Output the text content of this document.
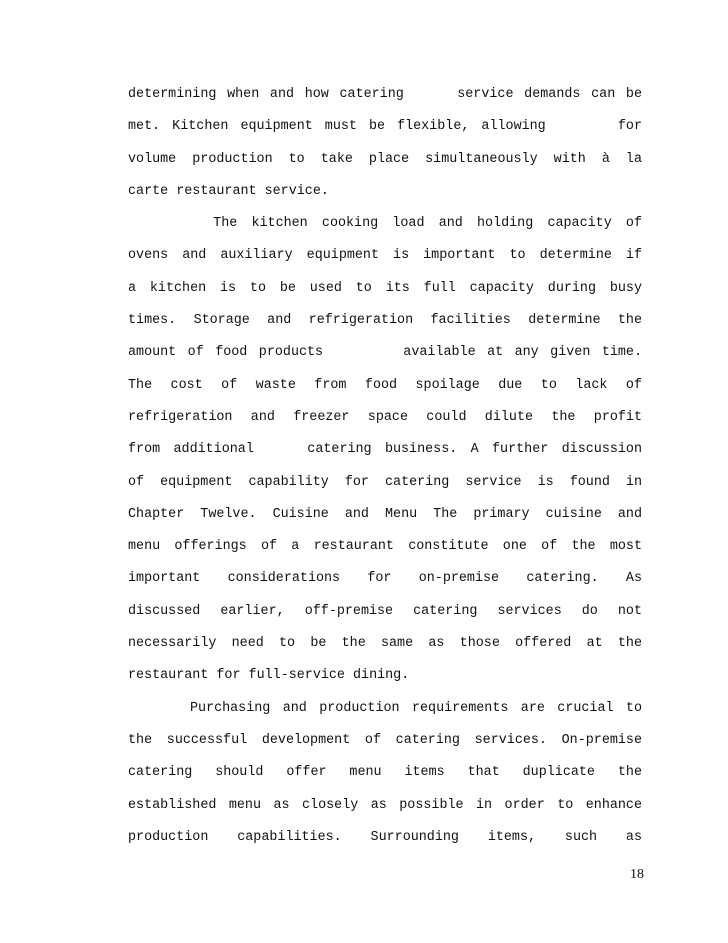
determining when and how catering     service demands can be
met. Kitchen equipment must be flexible, allowing      for
volume production to take place simultaneously with à la
carte restaurant service.
The kitchen cooking load and holding capacity of
ovens and auxiliary equipment is important to determine if
a kitchen is to be used to its full capacity during busy
times. Storage and refrigeration facilities determine the
amount of food products       available at any given time.
The cost of waste from food spoilage due to lack of
refrigeration and freezer space could dilute the profit
from additional    catering business. A further discussion
of equipment capability for catering service is found in
Chapter Twelve. Cuisine and Menu The primary cuisine and
menu offerings of a restaurant constitute one of the most
important considerations for on-premise catering. As
discussed earlier, off-premise catering services do not
necessarily need to be the same as those offered at the
restaurant for full-service dining.
Purchasing and production requirements are crucial to
the successful development of catering services. On-premise
catering should offer menu items that duplicate the
established menu as closely as possible in order to enhance
production capabilities. Surrounding items, such as
18
